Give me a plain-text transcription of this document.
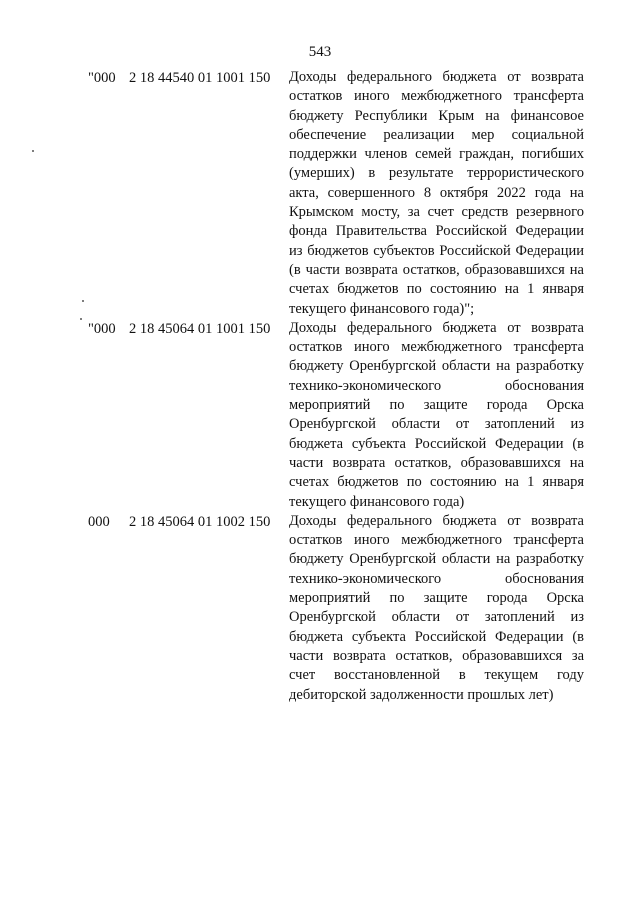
543
"000 2 18 44540 01 1001 150	Доходы федерального бюджета от возврата остатков иного межбюджетного трансферта бюджету Республики Крым на финансовое обеспечение реализации мер социальной поддержки членов семей граждан, погибших (умерших) в результате террористического акта, совершенного 8 октября 2022 года на Крымском мосту, за счет средств резервного фонда Правительства Российской Федерации из бюджетов субъектов Российской Федерации (в части возврата остатков, образовавшихся на счетах бюджетов по состоянию на 1 января текущего финансового года)";
"000 2 18 45064 01 1001 150	Доходы федерального бюджета от возврата остатков иного межбюджетного трансферта бюджету Оренбургской области на разработку технико-экономического обоснования мероприятий по защите города Орска Оренбургской области от затоплений из бюджета субъекта Российской Федерации (в части возврата остатков, образовавшихся на счетах бюджетов по состоянию на 1 января текущего финансового года)
000	2 18 45064 01 1002 150	Доходы федерального бюджета от возврата остатков иного межбюджетного трансферта бюджету Оренбургской области на разработку технико-экономического обоснования мероприятий по защите города Орска Оренбургской области от затоплений из бюджета субъекта Российской Федерации (в части возврата остатков, образовавшихся за счет восстановленной в текущем году дебиторской задолженности прошлых лет)
